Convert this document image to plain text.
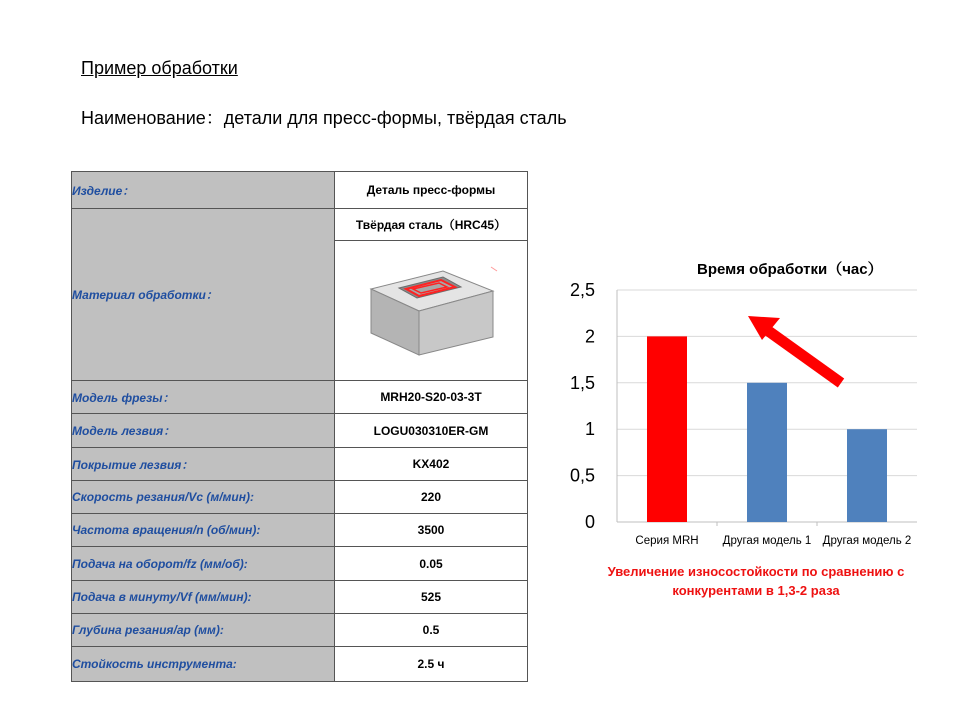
Пример обработки
Наименование：детали для пресс-формы, твёрдая сталь
Изделие：	Деталь пресс-формы
Материал обработки：	Твёрдая сталь（HRC45）

Модель фрезы：	MRH20-S20-03-3T
Модель лезвия：	LOGU030310ER-GM
Покрытие лезвия：	KX402
Скорость резания/Vc (м/мин):	220
Частота вращения/n (об/мин):	3500
Подача на оборот/fz (мм/об):	0.05
Подача в минуту/Vf (мм/мин):	525
Глубина резания/ap (мм):	0.5
Стойкость инструмента:	2.5 ч
Время обработки（час）
0
0,5
1
1,5
2
2,5
Серия MRH Другая модель 1 Другая модель 2
Увеличение износостойкости по сравнению с конкурентами в 1,3-2 раза
